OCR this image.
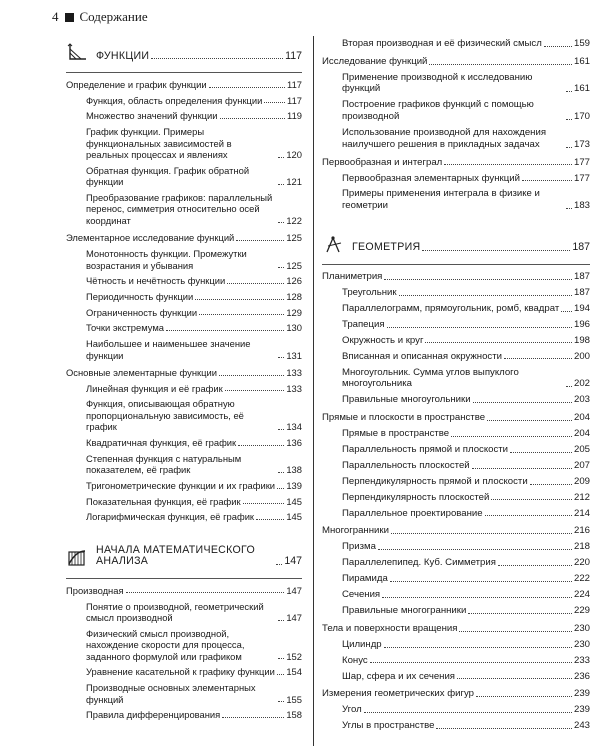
4 Содержание
ФУНКЦИИ	117
Определение и график функции	117
Функция, область определения функции	117
Множество значений функции	119
График функции. Примеры функциональных зависимостей в реальных процессах и явлениях	120
Обратная функция. График обратной функции	121
Преобразование графиков: параллельный перенос, симметрия относительно осей координат	122
Элементарное исследование функций	125
Монотонность функции. Промежутки возрастания и убывания	125
Чётность и нечётность функции	126
Периодичность функции	128
Ограниченность функции	129
Точки экстремума	130
Наибольшее и наименьшее значение функции	131
Основные элементарные функции	133
Линейная функция и её график	133
Функция, описывающая обратную пропорциональную зависимость, её график	134
Квадратичная функция, её график	136
Степенная функция с натуральным показателем, её график	138
Тригонометрические функции и их графики 139
Показательная функция, её график	145
Логарифмическая функция, её график	145
НАЧАЛА МАТЕМАТИЧЕСКОГО АНАЛИЗА	147
Производная	147
Понятие о производной, геометрический смысл производной	147
Физический смысл производной, нахождение скорости для процесса, заданного формулой или графиком	152
Уравнение касательной к графику функции 154
Производные основных элементарных функций	155
Правила дифференцирования	158
Вторая производная и её физический смысл	159
Исследование функций	161
Применение производной к исследованию функций	161
Построение графиков функций с помощью производной	170
Использование производной для нахождения наилучшего решения в прикладных задачах	173
Первообразная и интеграл	177
Первообразная элементарных функций	177
Примеры применения интеграла в физике и геометрии	183
ГЕОМЕТРИЯ	187
Планиметрия	187
Треугольник	187
Параллелограмм, прямоугольник, ромб, квадрат 194
Трапеция	196
Окружность и круг	198
Вписанная и описанная окружности	200
Многоугольник. Сумма углов выпуклого многоугольника	202
Правильные многоугольники	203
Прямые и плоскости в пространстве	204
Прямые в пространстве	204
Параллельность прямой и плоскости	205
Параллельность плоскостей	207
Перпендикулярность прямой и плоскости	209
Перпендикулярность плоскостей	212
Параллельное проектирование	214
Многогранники	216
Призма	218
Параллелепипед. Куб. Симметрия	220
Пирамида	222
Сечения	224
Правильные многогранники	229
Тела и поверхности вращения	230
Цилиндр	230
Конус	233
Шар, сфера и их сечения	236
Измерения геометрических фигур	239
Угол	239
Углы в пространстве	243
